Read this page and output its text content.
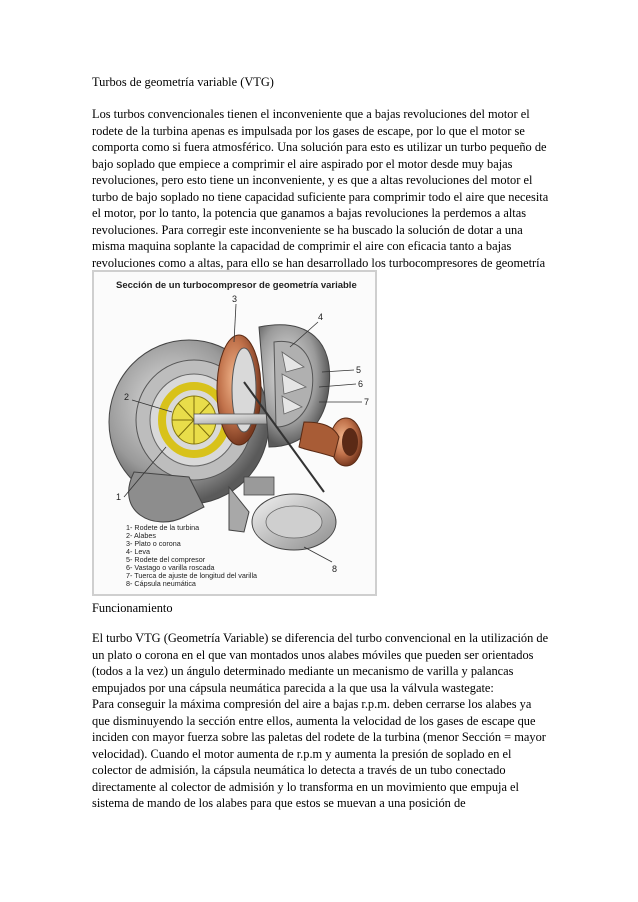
Turbos de geometría variable (VTG)

Los turbos convencionales tienen el inconveniente que a bajas revoluciones del motor el rodete de la turbina apenas es impulsada por los gases de escape, por lo que el motor se comporta como si fuera atmosférico. Una solución para esto es utilizar un turbo pequeño de bajo soplado que empiece a comprimir el aire aspirado por el motor desde muy bajas revoluciones, pero esto tiene un inconveniente, y es que a altas revoluciones del motor el turbo de bajo soplado no tiene capacidad suficiente para comprimir todo el aire que necesita el motor, por lo tanto, la potencia que ganamos a bajas revoluciones la perdemos a altas revoluciones. Para corregir este inconveniente se ha buscado la solución de dotar a una misma maquina soplante la capacidad de comprimir el aire con eficacia tanto a bajas revoluciones como a altas, para ello se han desarrollado los turbocompresores de geometría

Sección de un turbocompresor de geometría variable
3
4
5
6
7
2
1
8
1- Rodete de la turbina
2- Alabes
3- Plato o corona
4- Leva
5- Rodete del compresor
6- Vastago o varilla roscada
7- Tuerca de ajuste de longitud del varilla
8- Cápsula neumática
Funcionamiento

El turbo VTG (Geometría Variable) se diferencia del turbo convencional en la utilización de un plato o corona en el que van montados unos alabes móviles que pueden ser orientados (todos a la vez) un ángulo determinado mediante un mecanismo de varilla y palancas empujados por una cápsula neumática parecida a la que usa la válvula wastegate:

Para conseguir la máxima compresión del aire a bajas r.p.m. deben cerrarse los alabes ya que disminuyendo la sección entre ellos, aumenta la velocidad de los gases de escape que inciden con mayor fuerza sobre las paletas del rodete de la turbina (menor Sección = mayor velocidad). Cuando el motor aumenta de r.p.m y aumenta la presión de soplado en el colector de admisión, la cápsula neumática lo detecta a través de un tubo conectado directamente al colector de admisión y lo transforma en un movimiento que empuja el sistema de mando de los alabes para que estos se muevan a una posición de
